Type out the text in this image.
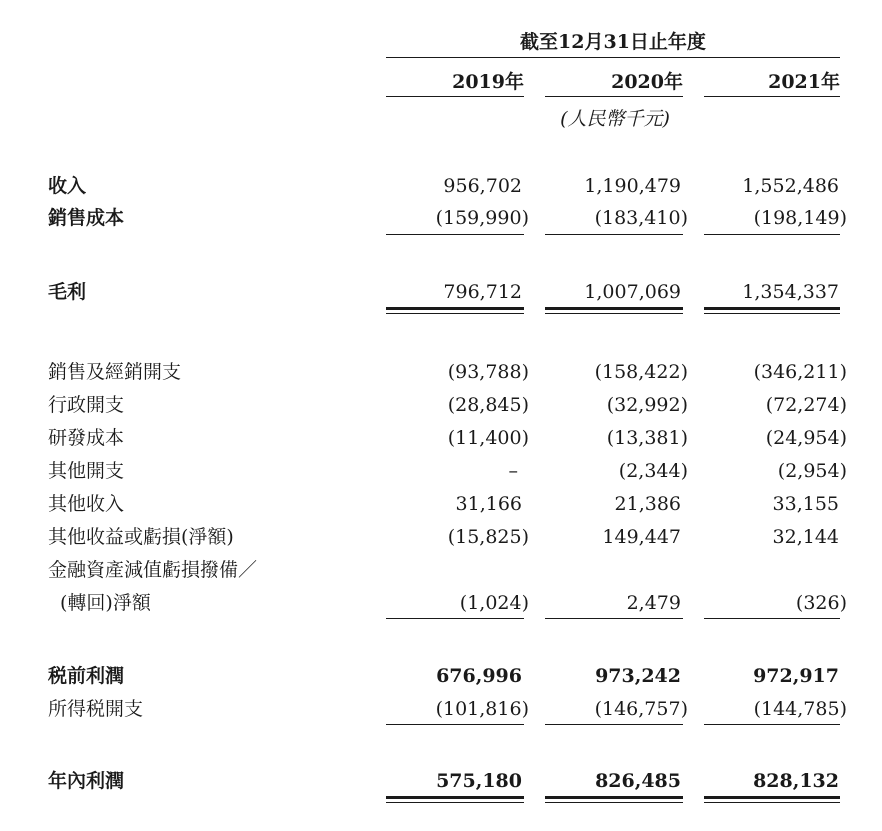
截至12月31日止年度
2019年	2020年	2021年
(人民幣千元)
收入	956,702	1,190,479	1,552,486
銷售成本	(159,990)	(183,410)	(198,149)
毛利	796,712	1,007,069	1,354,337
銷售及經銷開支	(93,788)	(158,422)	(346,211)
行政開支	(28,845)	(32,992)	(72,274)
研發成本	(11,400)	(13,381)	(24,954)
其他開支	–	(2,344)	(2,954)
其他收入	31,166	21,386	33,155
其他收益或虧損(淨額)	(15,825)	149,447	32,144
金融資產減值虧損撥備／
(轉回)淨額	(1,024)	2,479	(326)
税前利潤	676,996	973,242	972,917
所得税開支	(101,816)	(146,757)	(144,785)
年內利潤	575,180	826,485	828,132
